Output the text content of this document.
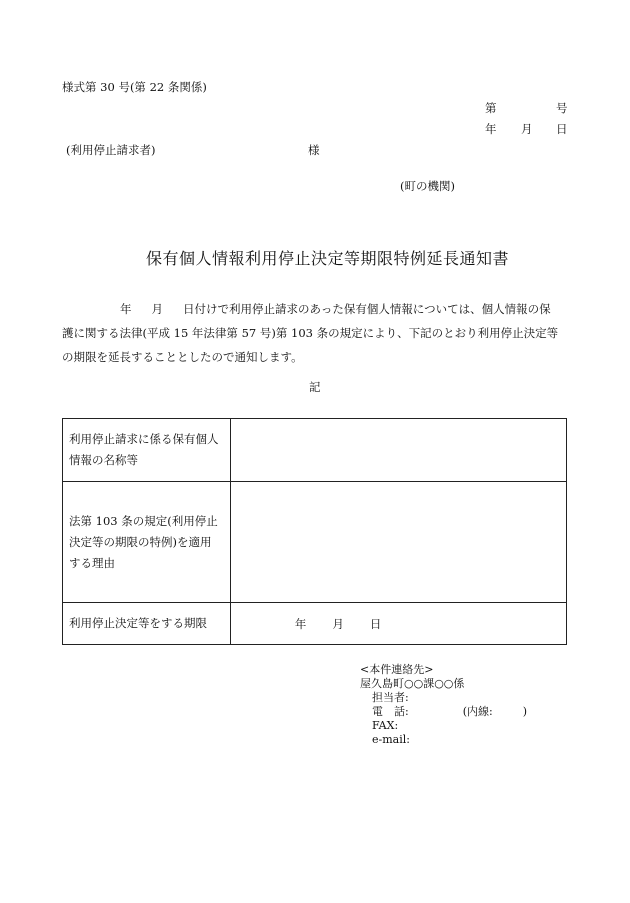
様式第 30 号(第 22 条関係)
第	号
年 月 日
(利用停止請求者)	様
(町の機関)
保有個人情報利用停止決定等期限特例延長通知書
年 月 日付けで利用停止請求のあった保有個人情報については、個人情報の保
護に関する法律(平成 15 年法律第 57 号)第 103 条の規定により、下記のとおり利用停止決定等
の期限を延長することとしたので通知します。
記
利用停止請求に係る保有個人
情報の名称等	

法第 103 条の規定(利用停止
決定等の期限の特例)を適用
する理由	

利用停止決定等をする期限	年 月 日
<本件連絡先>
屋久島町○○課○○係
担当者:
電　話:	(内線:	)
FAX:
e-mail:
